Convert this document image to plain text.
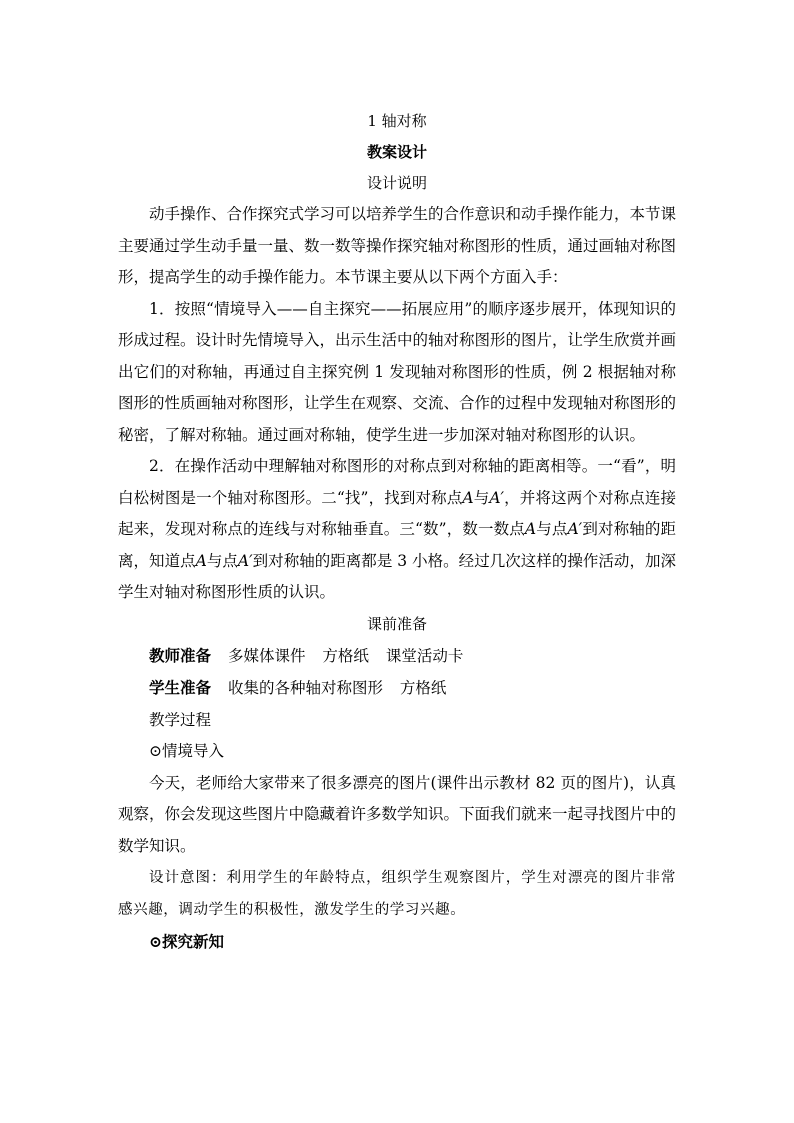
1 轴对称
教案设计
设计说明

动手操作、合作探究式学习可以培养学生的合作意识和动手操作能力，本节课主要通过学生动手量一量、数一数等操作探究轴对称图形的性质，通过画轴对称图形，提高学生的动手操作能力。本节课主要从以下两个方面入手：

1．按照“情境导入——自主探究——拓展应用”的顺序逐步展开，体现知识的形成过程。设计时先情境导入，出示生活中的轴对称图形的图片，让学生欣赏并画出它们的对称轴，再通过自主探究例 1 发现轴对称图形的性质，例 2 根据轴对称图形的性质画轴对称图形，让学生在观察、交流、合作的过程中发现轴对称图形的秘密，了解对称轴。通过画对称轴，使学生进一步加深对轴对称图形的认识。

2．在操作活动中理解轴对称图形的对称点到对称轴的距离相等。一“看”，明白松树图是一个轴对称图形。二“找”，找到对称点A与A′，并将这两个对称点连接起来，发现对称点的连线与对称轴垂直。三“数”，数一数点A与点A′到对称轴的距离，知道点A与点A′到对称轴的距离都是 3 小格。经过几次这样的操作活动，加深学生对轴对称图形性质的认识。

课前准备
教师准备 多媒体课件 方格纸 课堂活动卡
学生准备 收集的各种轴对称图形 方格纸
教学过程
⊙情境导入

今天，老师给大家带来了很多漂亮的图片(课件出示教材 82 页的图片)，认真观察，你会发现这些图片中隐藏着许多数学知识。下面我们就来一起寻找图片中的数学知识。

设计意图：利用学生的年龄特点，组织学生观察图片，学生对漂亮的图片非常感兴趣，调动学生的积极性，激发学生的学习兴趣。

⊙探究新知
